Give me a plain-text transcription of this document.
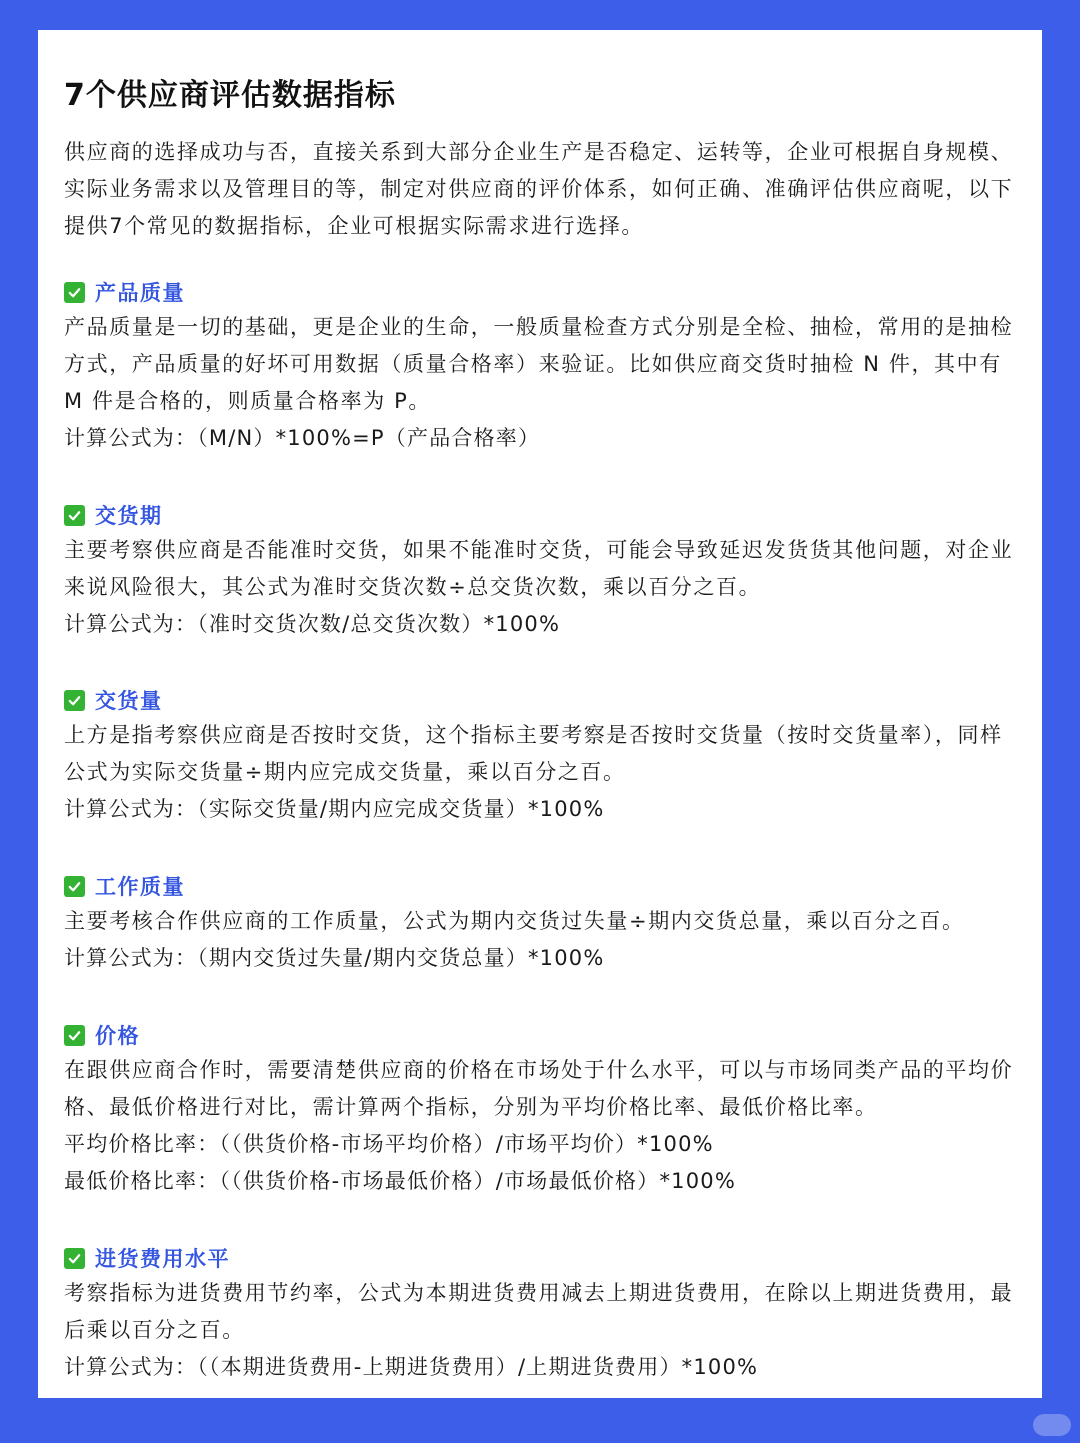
7个供应商评估数据指标

供应商的选择成功与否，直接关系到大部分企业生产是否稳定、运转等，企业可根据自身规模、实际业务需求以及管理目的等，制定对供应商的评价体系，如何正确、准确评估供应商呢，以下提供7个常见的数据指标，企业可根据实际需求进行选择。

产品质量

产品质量是一切的基础，更是企业的生命，一般质量检查方式分别是全检、抽检，常用的是抽检方式，产品质量的好坏可用数据（质量合格率）来验证。比如供应商交货时抽检 N 件，其中有 M 件是合格的，则质量合格率为 P。

计算公式为：（M/N）*100%=P（产品合格率）

交货期

主要考察供应商是否能准时交货，如果不能准时交货，可能会导致延迟发货货其他问题，对企业来说风险很大，其公式为准时交货次数÷总交货次数，乘以百分之百。

计算公式为：（准时交货次数/总交货次数）*100%

交货量

上方是指考察供应商是否按时交货，这个指标主要考察是否按时交货量（按时交货量率），同样公式为实际交货量÷期内应完成交货量，乘以百分之百。

计算公式为：（实际交货量/期内应完成交货量）*100%

工作质量

主要考核合作供应商的工作质量，公式为期内交货过失量÷期内交货总量，乘以百分之百。

计算公式为：（期内交货过失量/期内交货总量）*100%

价格

在跟供应商合作时，需要清楚供应商的价格在市场处于什么水平，可以与市场同类产品的平均价格、最低价格进行对比，需计算两个指标，分别为平均价格比率、最低价格比率。

平均价格比率：（（供货价格-市场平均价格）/市场平均价）*100%

最低价格比率：（（供货价格-市场最低价格）/市场最低价格）*100%

进货费用水平

考察指标为进货费用节约率，公式为本期进货费用减去上期进货费用，在除以上期进货费用，最后乘以百分之百。

计算公式为：（（本期进货费用-上期进货费用）/上期进货费用）*100%
